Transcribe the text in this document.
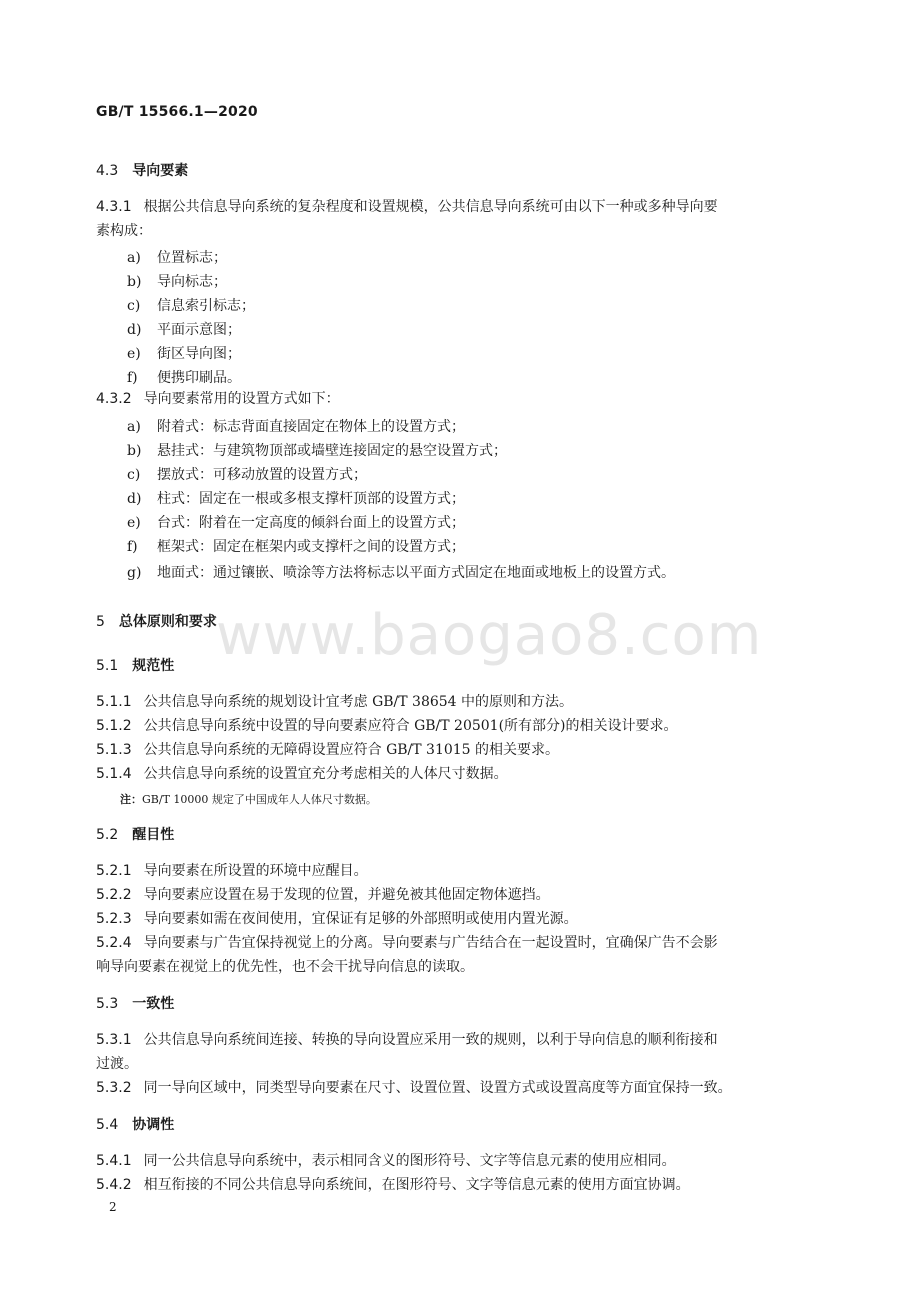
GB/T 15566.1—2020
www.baogao8.com
4.3 导向要素
4.3.1 根据公共信息导向系统的复杂程度和设置规模，公共信息导向系统可由以下一种或多种导向要
素构成：
a) 位置标志；
b) 导向标志；
c) 信息索引标志；
d) 平面示意图；
e) 街区导向图；
f) 便携印刷品。
4.3.2 导向要素常用的设置方式如下：
a) 附着式：标志背面直接固定在物体上的设置方式；
b) 悬挂式：与建筑物顶部或墙壁连接固定的悬空设置方式；
c) 摆放式：可移动放置的设置方式；
d) 柱式：固定在一根或多根支撑杆顶部的设置方式；
e) 台式：附着在一定高度的倾斜台面上的设置方式；
f) 框架式：固定在框架内或支撑杆之间的设置方式；
g) 地面式：通过镶嵌、喷涂等方法将标志以平面方式固定在地面或地板上的设置方式。
5 总体原则和要求
5.1 规范性
5.1.1 公共信息导向系统的规划设计宜考虑 GB/T 38654 中的原则和方法。
5.1.2 公共信息导向系统中设置的导向要素应符合 GB/T 20501(所有部分)的相关设计要求。
5.1.3 公共信息导向系统的无障碍设置应符合 GB/T 31015 的相关要求。
5.1.4 公共信息导向系统的设置宜充分考虑相关的人体尺寸数据。
注：GB/T 10000 规定了中国成年人人体尺寸数据。
5.2 醒目性
5.2.1 导向要素在所设置的环境中应醒目。
5.2.2 导向要素应设置在易于发现的位置，并避免被其他固定物体遮挡。
5.2.3 导向要素如需在夜间使用，宜保证有足够的外部照明或使用内置光源。
5.2.4 导向要素与广告宜保持视觉上的分离。导向要素与广告结合在一起设置时，宜确保广告不会影
响导向要素在视觉上的优先性，也不会干扰导向信息的读取。
5.3 一致性
5.3.1 公共信息导向系统间连接、转换的导向设置应采用一致的规则，以利于导向信息的顺利衔接和
过渡。
5.3.2 同一导向区域中，同类型导向要素在尺寸、设置位置、设置方式或设置高度等方面宜保持一致。
5.4 协调性
5.4.1 同一公共信息导向系统中，表示相同含义的图形符号、文字等信息元素的使用应相同。
5.4.2 相互衔接的不同公共信息导向系统间，在图形符号、文字等信息元素的使用方面宜协调。
2
